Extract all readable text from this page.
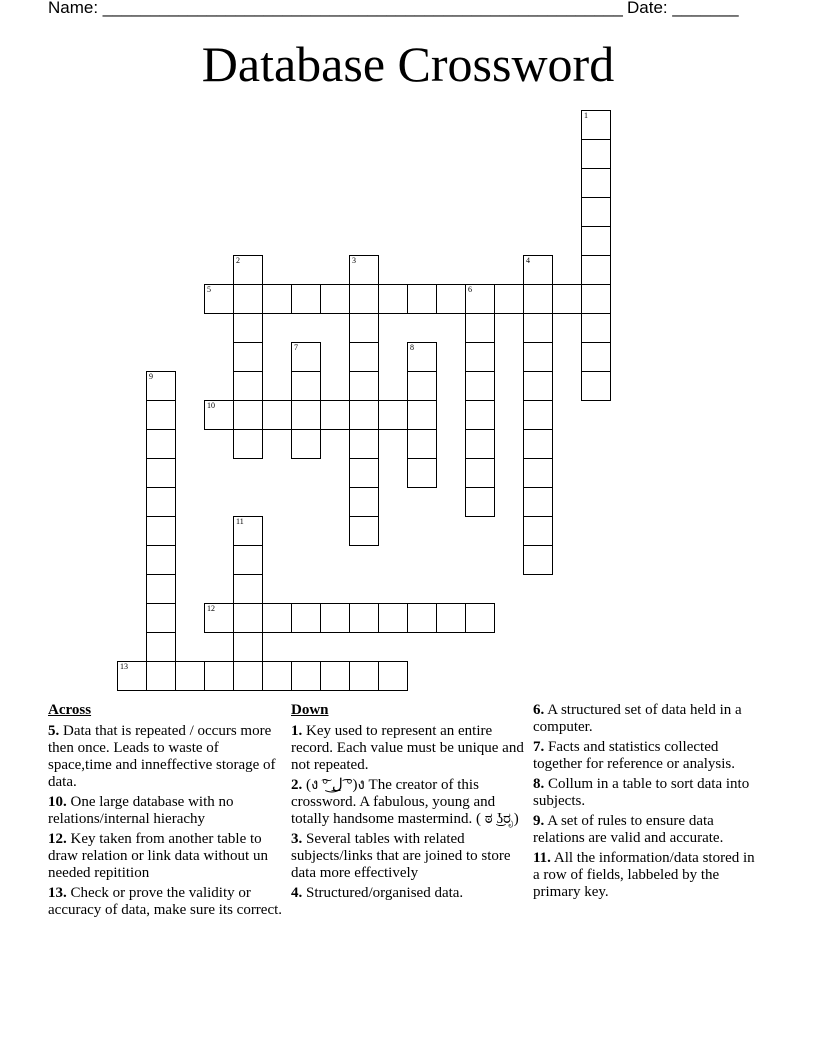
Name: _______________________________________________________ Date: _______
Database Crossword
1
2	3	4
5	6
7	8
9
10
11
12
13
Across
5. Data that is repeated / occurs more then once. Leads to waste of space,time and inneffective storage of data.
10. One large database with no relations/internal hierachy
12. Key taken from another table to draw relation or link data without un needed repitition
13. Check or prove the validity or accuracy of data, make sure its correct.
Down
1. Key used to represent an entire record. Each value must be unique and not repeated.
2. (ง ͠° ͟ل͜ ͡°)ง The creator of this crossword. A fabulous, young and totally handsome mastermind. ( ಠ ͜ʖರೃ)
3. Several tables with related subjects/links that are joined to store data more effectively
4. Structured/organised data.
6. A structured set of data held in a computer.
7. Facts and statistics collected together for reference or analysis.
8. Collum in a table to sort data into subjects.
9. A set of rules to ensure data relations are valid and accurate.
11. All the information/data stored in a row of fields, labbeled by the primary key.
